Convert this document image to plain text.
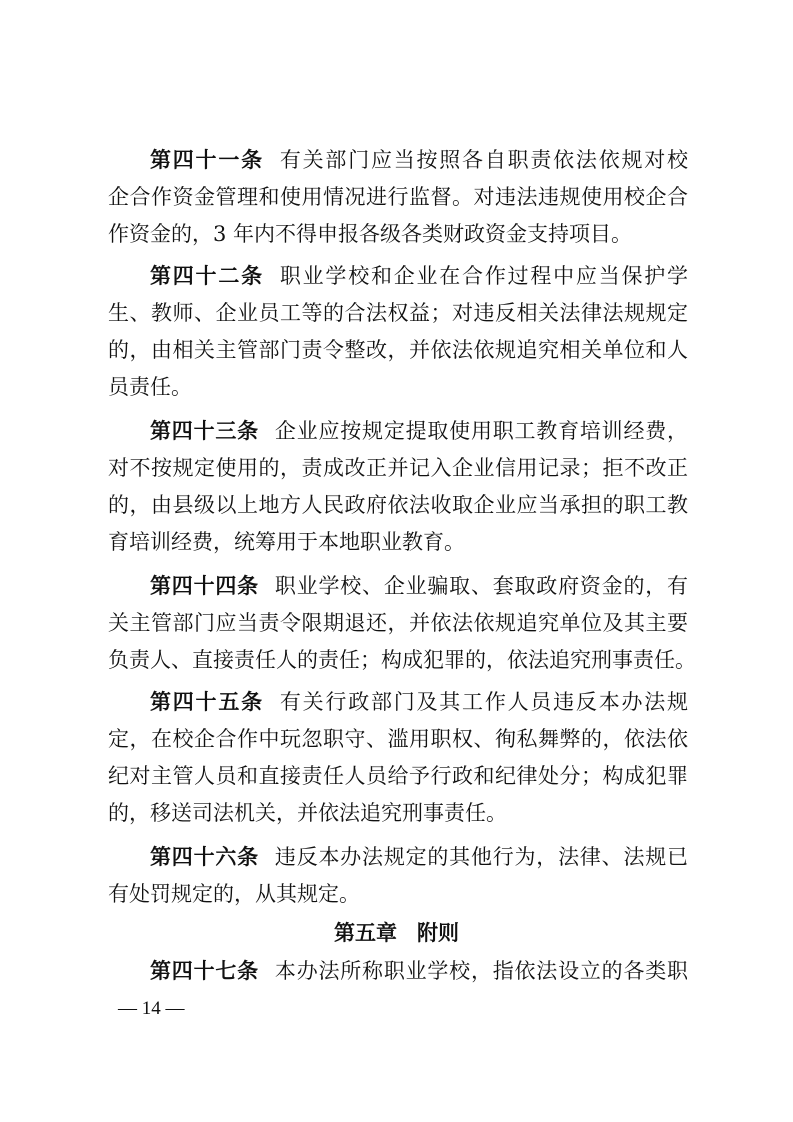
第四十一条 有关部门应当按照各自职责依法依规对校
企合作资金管理和使用情况进行监督。对违法违规使用校企合
作资金的，3 年内不得申报各级各类财政资金支持项目。
第四十二条 职业学校和企业在合作过程中应当保护学
生、教师、企业员工等的合法权益；对违反相关法律法规规定
的，由相关主管部门责令整改，并依法依规追究相关单位和人
员责任。
第四十三条 企业应按规定提取使用职工教育培训经费，
对不按规定使用的，责成改正并记入企业信用记录；拒不改正
的，由县级以上地方人民政府依法收取企业应当承担的职工教
育培训经费，统筹用于本地职业教育。
第四十四条 职业学校、企业骗取、套取政府资金的，有
关主管部门应当责令限期退还，并依法依规追究单位及其主要
负责人、直接责任人的责任；构成犯罪的，依法追究刑事责任。
第四十五条 有关行政部门及其工作人员违反本办法规
定，在校企合作中玩忽职守、滥用职权、徇私舞弊的，依法依
纪对主管人员和直接责任人员给予行政和纪律处分；构成犯罪
的，移送司法机关，并依法追究刑事责任。
第四十六条 违反本办法规定的其他行为，法律、法规已
有处罚规定的，从其规定。
第五章 附则
第四十七条 本办法所称职业学校，指依法设立的各类职
— 14 —
